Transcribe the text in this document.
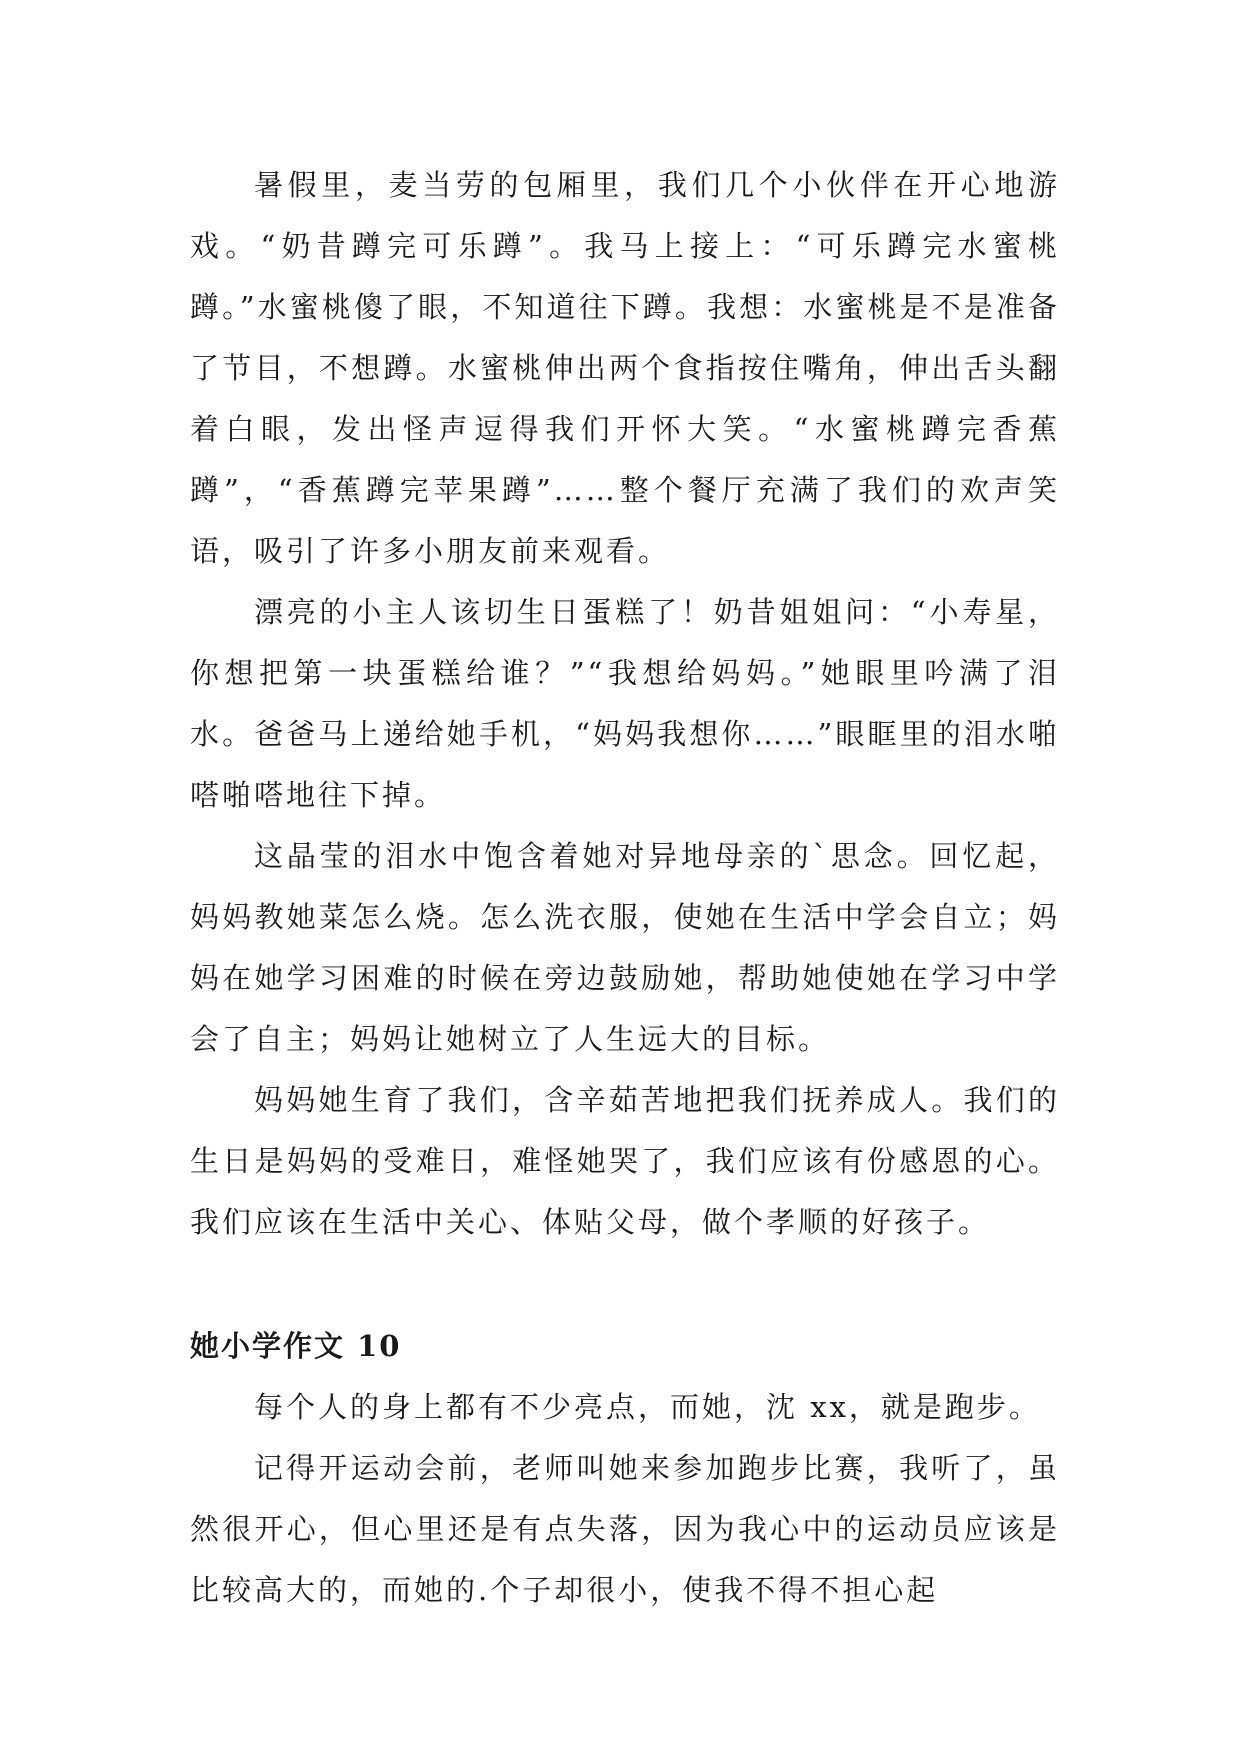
暑假里，麦当劳的包厢里，我们几个小伙伴在开心地游戏。“奶昔蹲完可乐蹲”。我马上接上：“可乐蹲完水蜜桃蹲。”水蜜桃傻了眼，不知道往下蹲。我想：水蜜桃是不是准备了节目，不想蹲。水蜜桃伸出两个食指按住嘴角，伸出舌头翻着白眼，发出怪声逗得我们开怀大笑。“水蜜桃蹲完香蕉蹲”，“香蕉蹲完苹果蹲”……整个餐厅充满了我们的欢声笑语，吸引了许多小朋友前来观看。

漂亮的小主人该切生日蛋糕了！奶昔姐姐问：“小寿星，你想把第一块蛋糕给谁？”“我想给妈妈。”她眼里吟满了泪水。爸爸马上递给她手机，“妈妈我想你……”眼眶里的泪水啪嗒啪嗒地往下掉。

这晶莹的泪水中饱含着她对异地母亲的`思念。回忆起，妈妈教她菜怎么烧。怎么洗衣服，使她在生活中学会自立；妈妈在她学习困难的时候在旁边鼓励她，帮助她使她在学习中学会了自主；妈妈让她树立了人生远大的目标。

妈妈她生育了我们，含辛茹苦地把我们抚养成人。我们的生日是妈妈的受难日，难怪她哭了，我们应该有份感恩的心。我们应该在生活中关心、体贴父母，做个孝顺的好孩子。

她小学作文 10

每个人的身上都有不少亮点，而她，沈 xx，就是跑步。

记得开运动会前，老师叫她来参加跑步比赛，我听了，虽然很开心，但心里还是有点失落，因为我心中的运动员应该是比较高大的，而她的.个子却很小，使我不得不担心起
